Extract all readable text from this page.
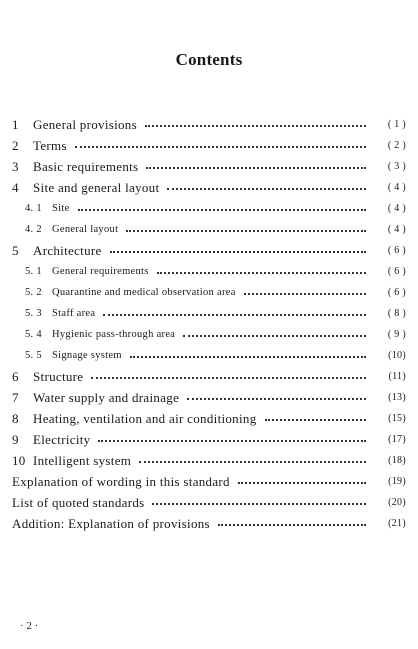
Contents
1	General provisions	( 1 )
2	Terms	( 2 )
3	Basic requirements	( 3 )
4	Site and general layout	( 4 )
4. 1 Site	( 4 )
4. 2 General layout	( 4 )
5	Architecture	( 6 )
5. 1 General requirements	( 6 )
5. 2 Quarantine and medical observation area	( 6 )
5. 3 Staff area	( 8 )
5. 4 Hygienic pass-through area	( 9 )
5. 5 Signage system	(10)
6	Structure	(11)
7	Water supply and drainage	(13)
8	Heating, ventilation and air conditioning	(15)
9	Electricity	(17)
10 Intelligent system	(18)
Explanation of wording in this standard	(19)
List of quoted standards	(20)
Addition: Explanation of provisions	(21)
· 2 ·
